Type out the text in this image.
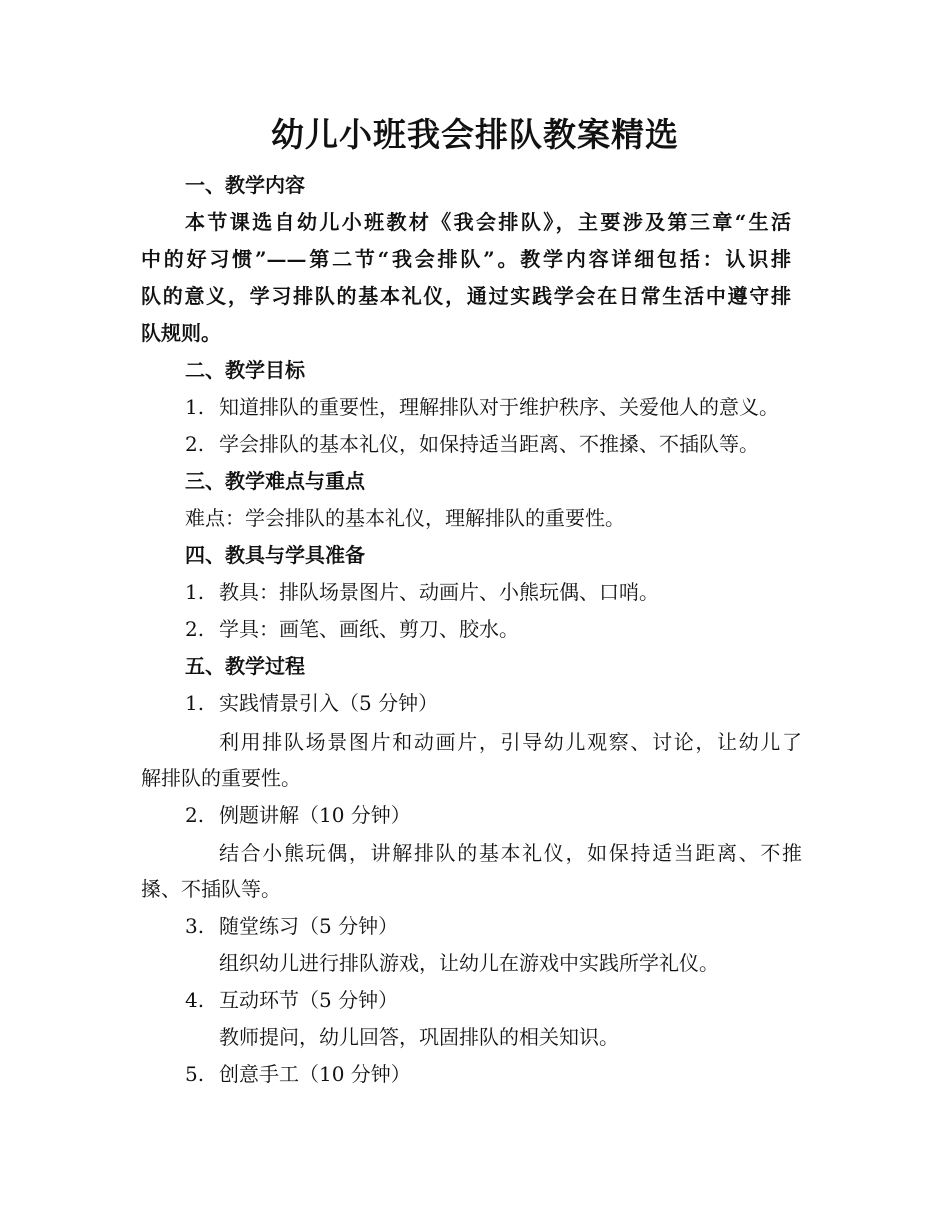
幼儿小班我会排队教案精选
一、教学内容
本节课选自幼儿小班教材《我会排队》，主要涉及第三章“生活
中的好习惯”——第二节“我会排队”。教学内容详细包括：认识排
队的意义，学习排队的基本礼仪，通过实践学会在日常生活中遵守排
队规则。
二、教学目标
1. 知道排队的重要性，理解排队对于维护秩序、关爱他人的意义。
2. 学会排队的基本礼仪，如保持适当距离、不推搡、不插队等。
三、教学难点与重点
难点：学会排队的基本礼仪，理解排队的重要性。
四、教具与学具准备
1. 教具：排队场景图片、动画片、小熊玩偶、口哨。
2. 学具：画笔、画纸、剪刀、胶水。
五、教学过程
1. 实践情景引入（5 分钟）
利用排队场景图片和动画片，引导幼儿观察、讨论，让幼儿了
解排队的重要性。
2. 例题讲解（10 分钟）
结合小熊玩偶，讲解排队的基本礼仪，如保持适当距离、不推
搡、不插队等。
3. 随堂练习（5 分钟）
组织幼儿进行排队游戏，让幼儿在游戏中实践所学礼仪。
4. 互动环节（5 分钟）
教师提问，幼儿回答，巩固排队的相关知识。
5. 创意手工（10 分钟）
